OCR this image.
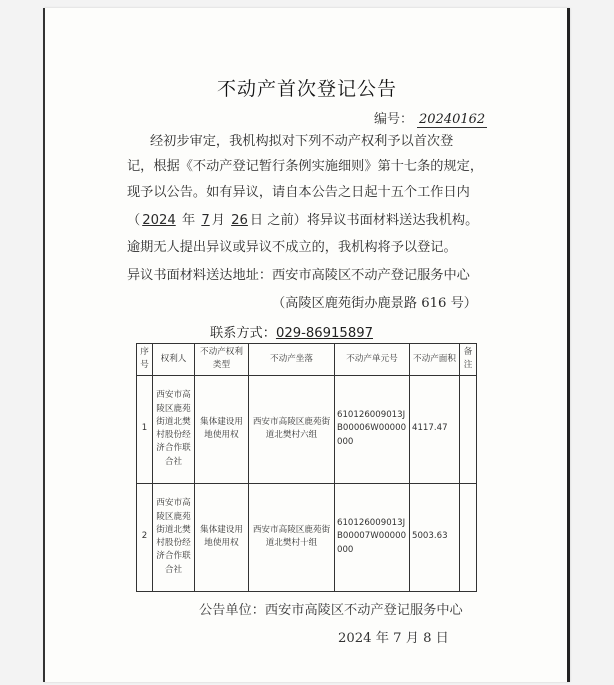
不动产首次登记公告
编号： 20240162
经初步审定，我机构拟对下列不动产权利予以首次登
记，根据《不动产登记暂行条例实施细则》第十七条的规定，
现予以公告。如有异议，请自本公告之日起十五个工作日内
（ 2024 年 7 月 26 日 之前）将异议书面材料送达我机构。
逾期无人提出异议或异议不成立的，我机构将予以登记。
异议书面材料送达地址：西安市高陵区不动产登记服务中心
（高陵区鹿苑街办鹿景路 616 号）
联系方式：029-86915897
序号	权利人	不动产权利类型	不动产坐落	不动产单元号	不动产面积	备注
1	西安市高陵区鹿苑街道北樊村股份经济合作联合社	集体建设用地使用权	西安市高陵区鹿苑街道北樊村六组	610126009013JB00006W00000000	4117.47	
2	西安市高陵区鹿苑街道北樊村股份经济合作联合社	集体建设用地使用权	西安市高陵区鹿苑街道北樊村十组	610126009013JB00007W00000000	5003.63	
公告单位：西安市高陵区不动产登记服务中心
2024 年 7 月 8 日
